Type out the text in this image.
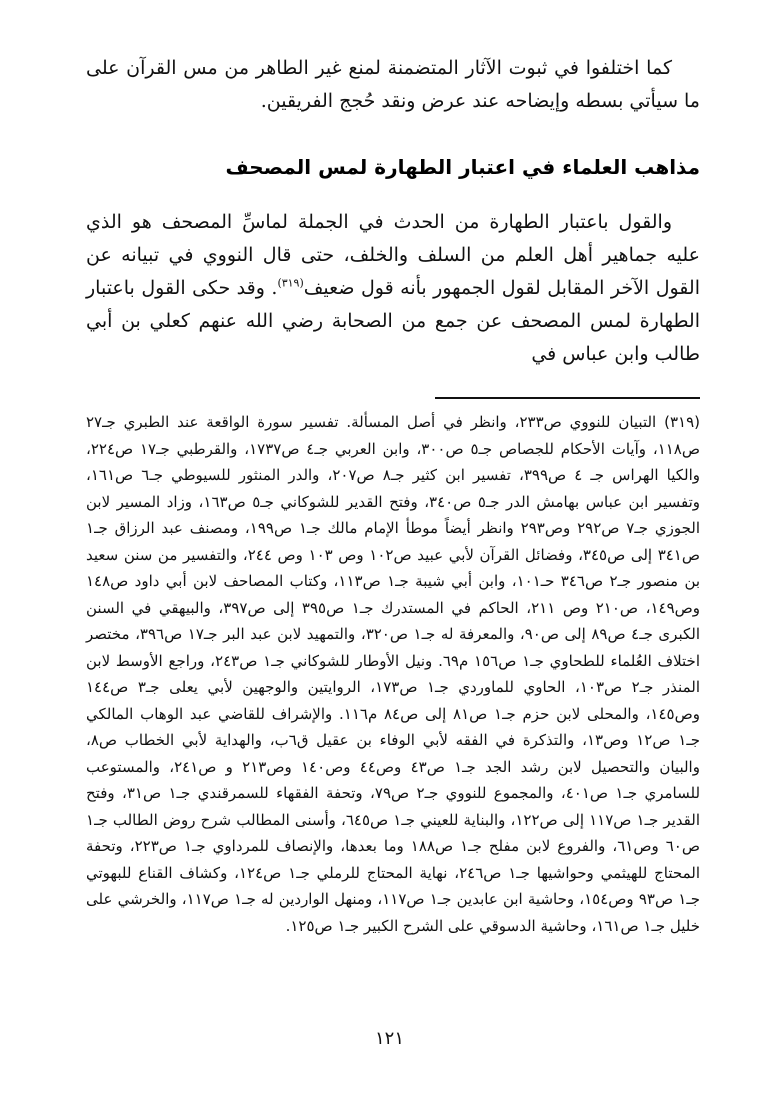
كما اختلفوا في ثبوت الآثار المتضمنة لمنع غير الطاهر من مس القرآن على ما سيأتي بسطه وإيضاحه عند عرض ونقد حُجج الفريقين.

مذاهب العلماء في اعتبار الطهارة لمس المصحف

والقول باعتبار الطهارة من الحدث في الجملة لماسِّ المصحف هو الذي عليه جماهير أهل العلم من السلف والخلف، حتى قال النووي في تبيانه عن القول الآخر المقابل لقول الجمهور بأنه قول ضعيف$^{(٣١٩)}$. وقد حكى القول باعتبار الطهارة لمس المصحف عن جمع من الصحابة رضي الله عنهم كعلي بن أبي طالب وابن عباس في

(٣١٩) التبيان للنووي ص٢٣٣، وانظر في أصل المسألة. تفسير سورة الواقعة عند الطبري جـ٢٧ ص١١٨، وآيات الأحكام للجصاص جـ٥ ص٣٠٠، وابن العربي جـ٤ ص١٧٣٧، والقرطبي جـ١٧ ص٢٢٤، والكيا الهراس جـ ٤ ص٣٩٩، تفسير ابن كثير جـ٨ ص٢٠٧، والدر المنثور للسيوطي جـ٦ ص١٦١، وتفسير ابن عباس بهامش الدر جـ٥ ص٣٤٠، وفتح القدير للشوكاني جـ٥ ص١٦٣، وزاد المسير لابن الجوزي جـ٧ ص٢٩٢ وص٢٩٣ وانظر أيضاً موطأ الإمام مالك جـ١ ص١٩٩، ومصنف عبد الرزاق جـ١ ص٣٤١ إلى ص٣٤٥، وفضائل القرآن لأبي عبيد ص١٠٢ وص ١٠٣ وص ٢٤٤، والتفسير من سنن سعيد بن منصور جـ٢ ص٣٤٦ حـ١٠١، وابن أبي شيبة جـ١ ص١١٣، وكتاب المصاحف لابن أبي داود ص١٤٨ وص١٤٩، ص٢١٠ وص ٢١١، الحاكم في المستدرك جـ١ ص٣٩٥ إلى ص٣٩٧، والبيهقي في السنن الكبرى جـ٤ ص٨٩ إلى ص٩٠، والمعرفة له جـ١ ص٣٢٠، والتمهيد لابن عبد البر جـ١٧ ص٣٩٦، مختصر اختلاف العُلماء للطحاوي جـ١ ص١٥٦ م٦٩. ونيل الأوطار للشوكاني جـ١ ص٢٤٣، وراجع الأوسط لابن المنذر جـ٢ ص١٠٣، الحاوي للماوردي جـ١ ص١٧٣، الروايتين والوجهين لأبي يعلى جـ٣ ص١٤٤ وص١٤٥، والمحلى لابن حزم جـ١ ص٨١ إلى ص٨٤ م١١٦. والإشراف للقاضي عبد الوهاب المالكي جـ١ ص١٢ وص١٣، والتذكرة في الفقه لأبي الوفاء بن عقيل ق٦ب، والهداية لأبي الخطاب ص٨، والبيان والتحصيل لابن رشد الجد جـ١ ص٤٣ وص٤٤ وص١٤٠ وص٢١٣ و ص٢٤١، والمستوعب للسامري جـ١ ص٤٠١، والمجموع للنووي جـ٢ ص٧٩، وتحفة الفقهاء للسمرقندي جـ١ ص٣١، وفتح القدير جـ١ ص١١٧ إلى ص١٢٢، والبناية للعيني جـ١ ص٦٤٥، وأسنى المطالب شرح روض الطالب جـ١ ص٦٠ وص٦١، والفروع لابن مفلح جـ١ ص١٨٨ وما بعدها، والإنصاف للمرداوي جـ١ ص٢٢٣، وتحفة المحتاج للهيثمي وحواشيها جـ١ ص٢٤٦، نهاية المحتاج للرملي جـ١ ص١٢٤، وكشاف القناع للبهوتي جـ١ ص٩٣ وص١٥٤، وحاشية ابن عابدين جـ١ ص١١٧، ومنهل الواردين له جـ١ ص١١٧، والخرشي على خليل جـ١ ص١٦١، وحاشية الدسوقي على الشرح الكبير جـ١ ص١٢٥.

١٢١
